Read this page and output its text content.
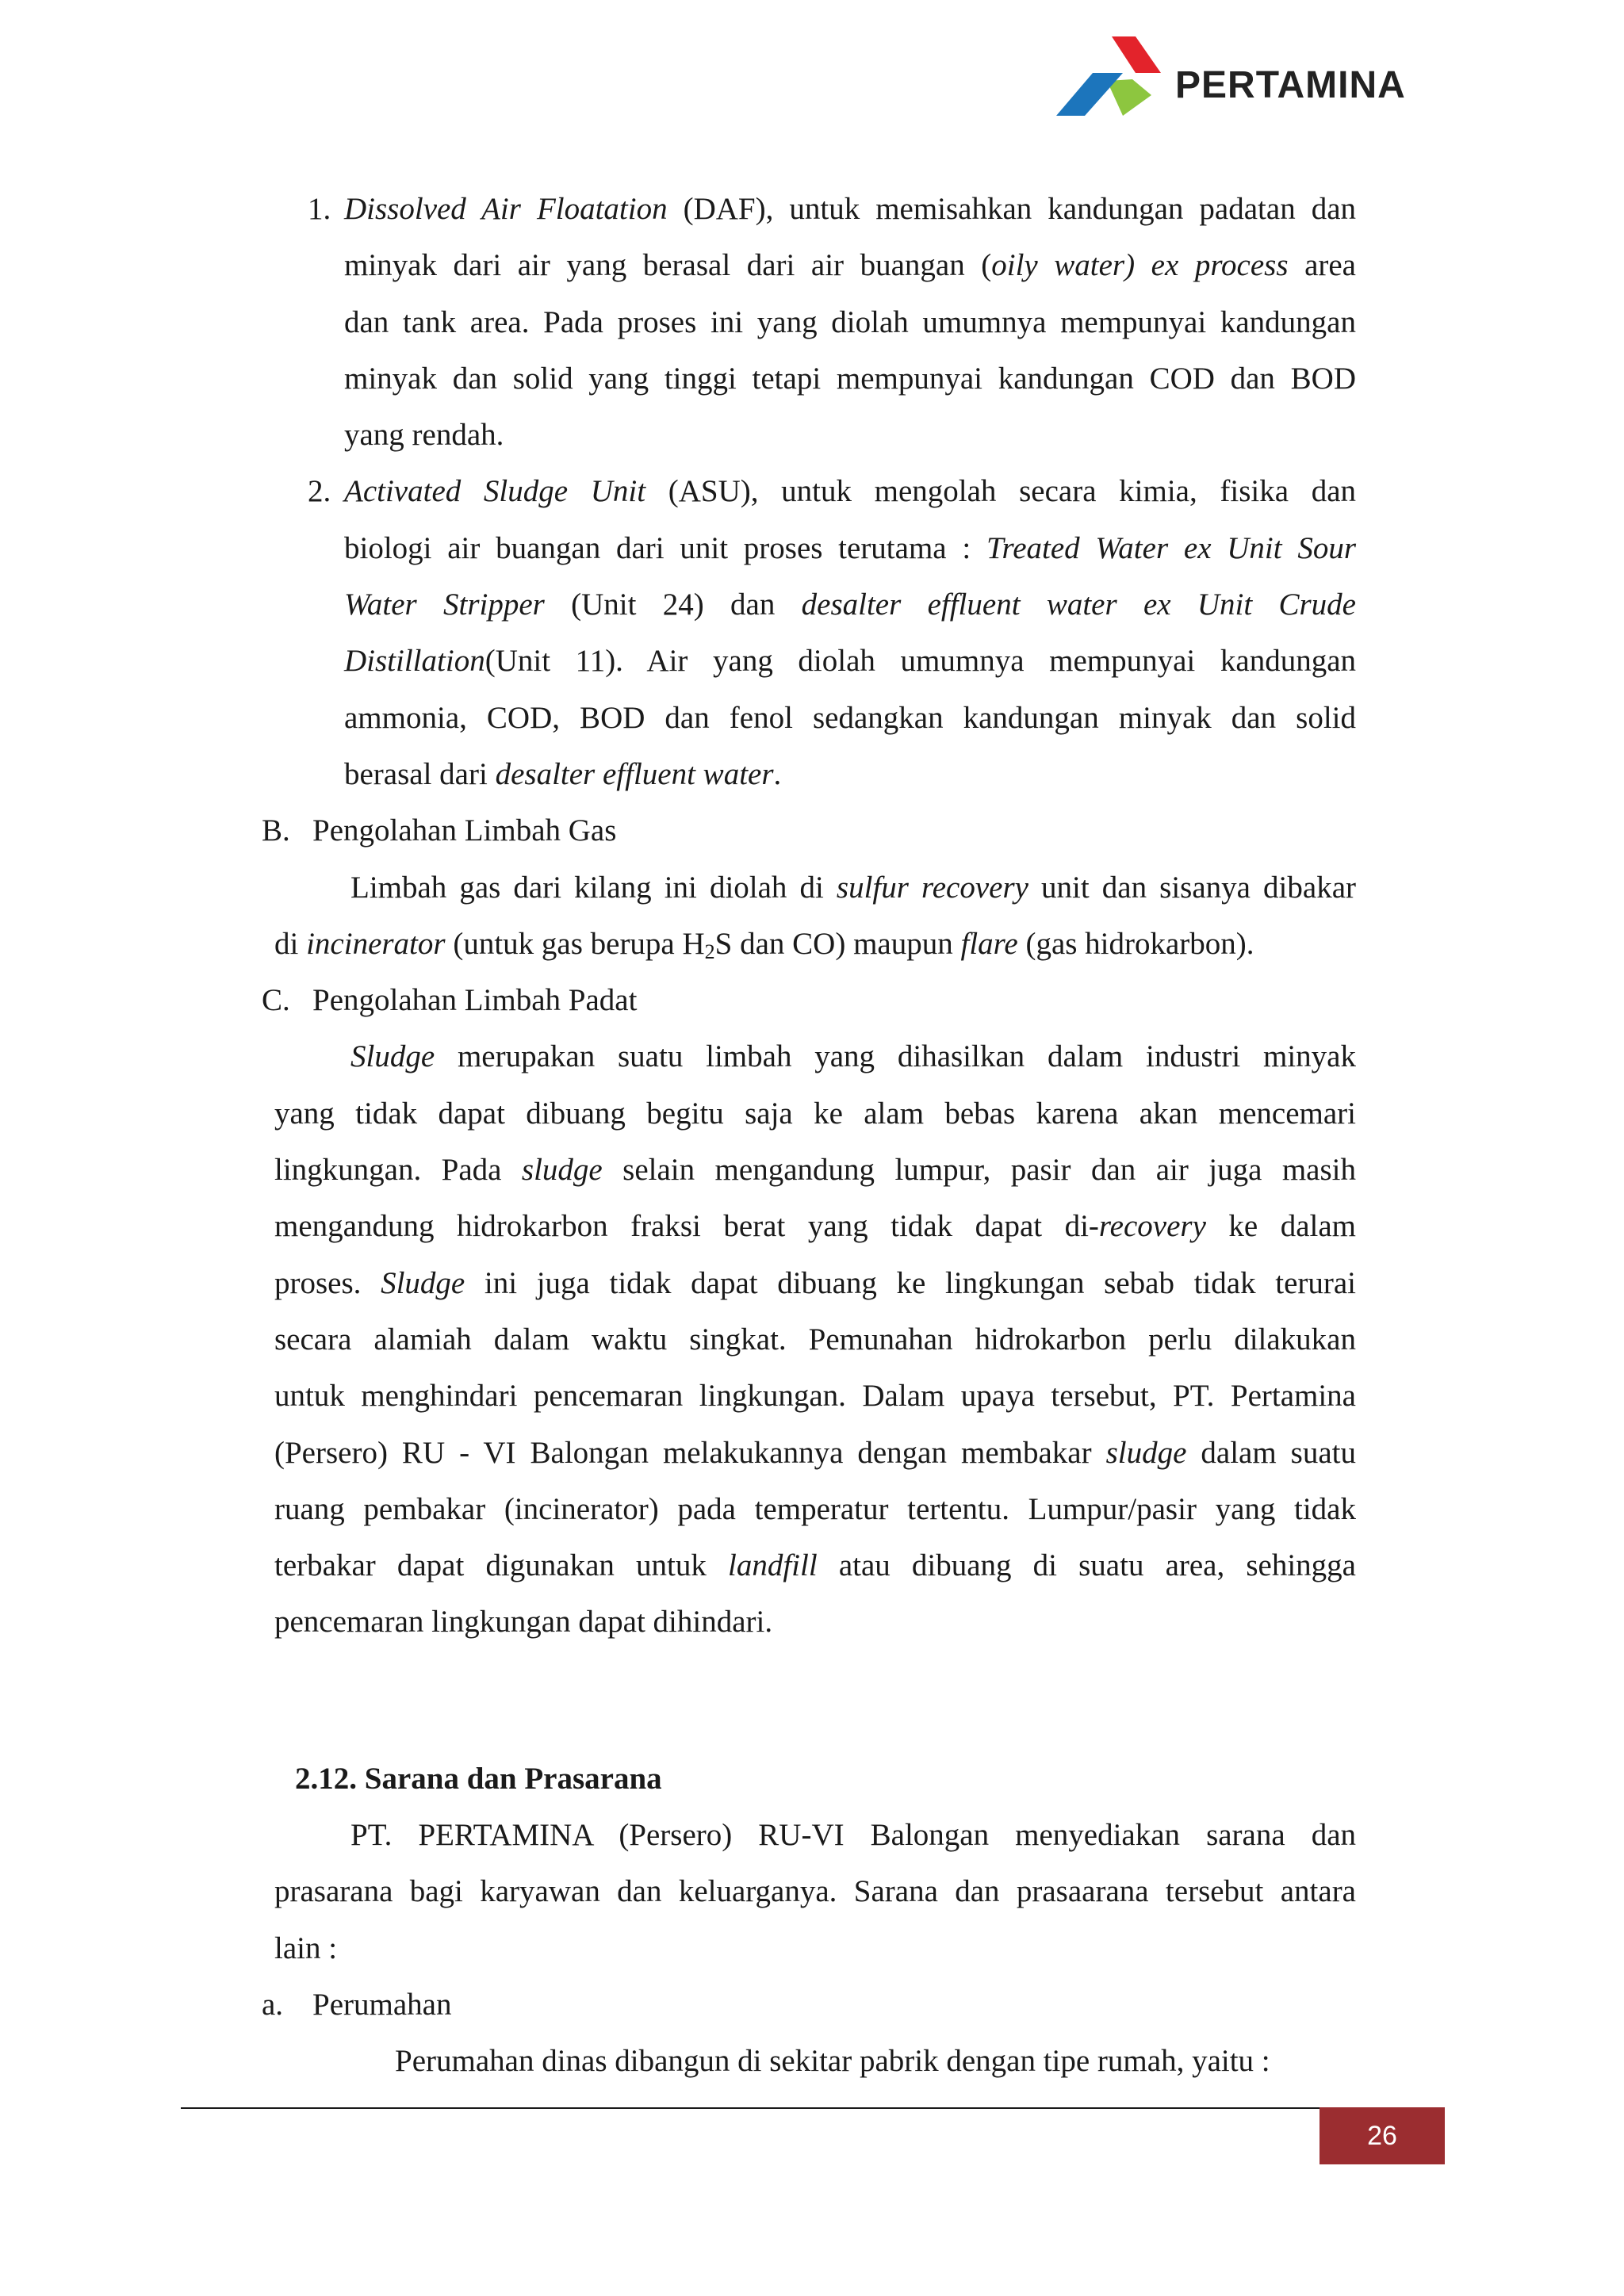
PERTAMINA
1. Dissolved Air Floatation (DAF), untuk memisahkan kandungan padatan dan
minyak dari air yang berasal dari air buangan (oily water) ex process area
dan tank area. Pada proses ini yang diolah umumnya mempunyai kandungan
minyak dan solid yang tinggi tetapi mempunyai kandungan COD dan BOD
yang rendah.
2. Activated Sludge Unit (ASU), untuk mengolah secara kimia, fisika dan
biologi air buangan dari unit proses terutama : Treated Water ex Unit Sour
Water Stripper (Unit 24) dan desalter effluent water ex Unit Crude
Distillation(Unit 11). Air yang diolah umumnya mempunyai kandungan
ammonia, COD, BOD dan fenol sedangkan kandungan minyak dan solid
berasal dari desalter effluent water.
B. Pengolahan Limbah Gas
Limbah gas dari kilang ini diolah di sulfur recovery unit dan sisanya dibakar
di incinerator (untuk gas berupa $H_2S$ dan CO) maupun flare (gas hidrokarbon).
C. Pengolahan Limbah Padat
Sludge merupakan suatu limbah yang dihasilkan dalam industri minyak
yang tidak dapat dibuang begitu saja ke alam bebas karena akan mencemari
lingkungan. Pada sludge selain mengandung lumpur, pasir dan air juga masih
mengandung hidrokarbon fraksi berat yang tidak dapat di-recovery ke dalam
proses. Sludge ini juga tidak dapat dibuang ke lingkungan sebab tidak terurai
secara alamiah dalam waktu singkat. Pemunahan hidrokarbon perlu dilakukan
untuk menghindari pencemaran lingkungan. Dalam upaya tersebut, PT. Pertamina
(Persero) RU - VI Balongan melakukannya dengan membakar sludge dalam suatu
ruang pembakar (incinerator) pada temperatur tertentu. Lumpur/pasir yang tidak
terbakar dapat digunakan untuk landfill atau dibuang di suatu area, sehingga
pencemaran lingkungan dapat dihindari.
2.12. Sarana dan Prasarana
PT. PERTAMINA (Persero) RU-VI Balongan menyediakan sarana dan
prasarana bagi karyawan dan keluarganya. Sarana dan prasaarana tersebut antara
lain :
a. Perumahan
Perumahan dinas dibangun di sekitar pabrik dengan tipe rumah, yaitu :
26
